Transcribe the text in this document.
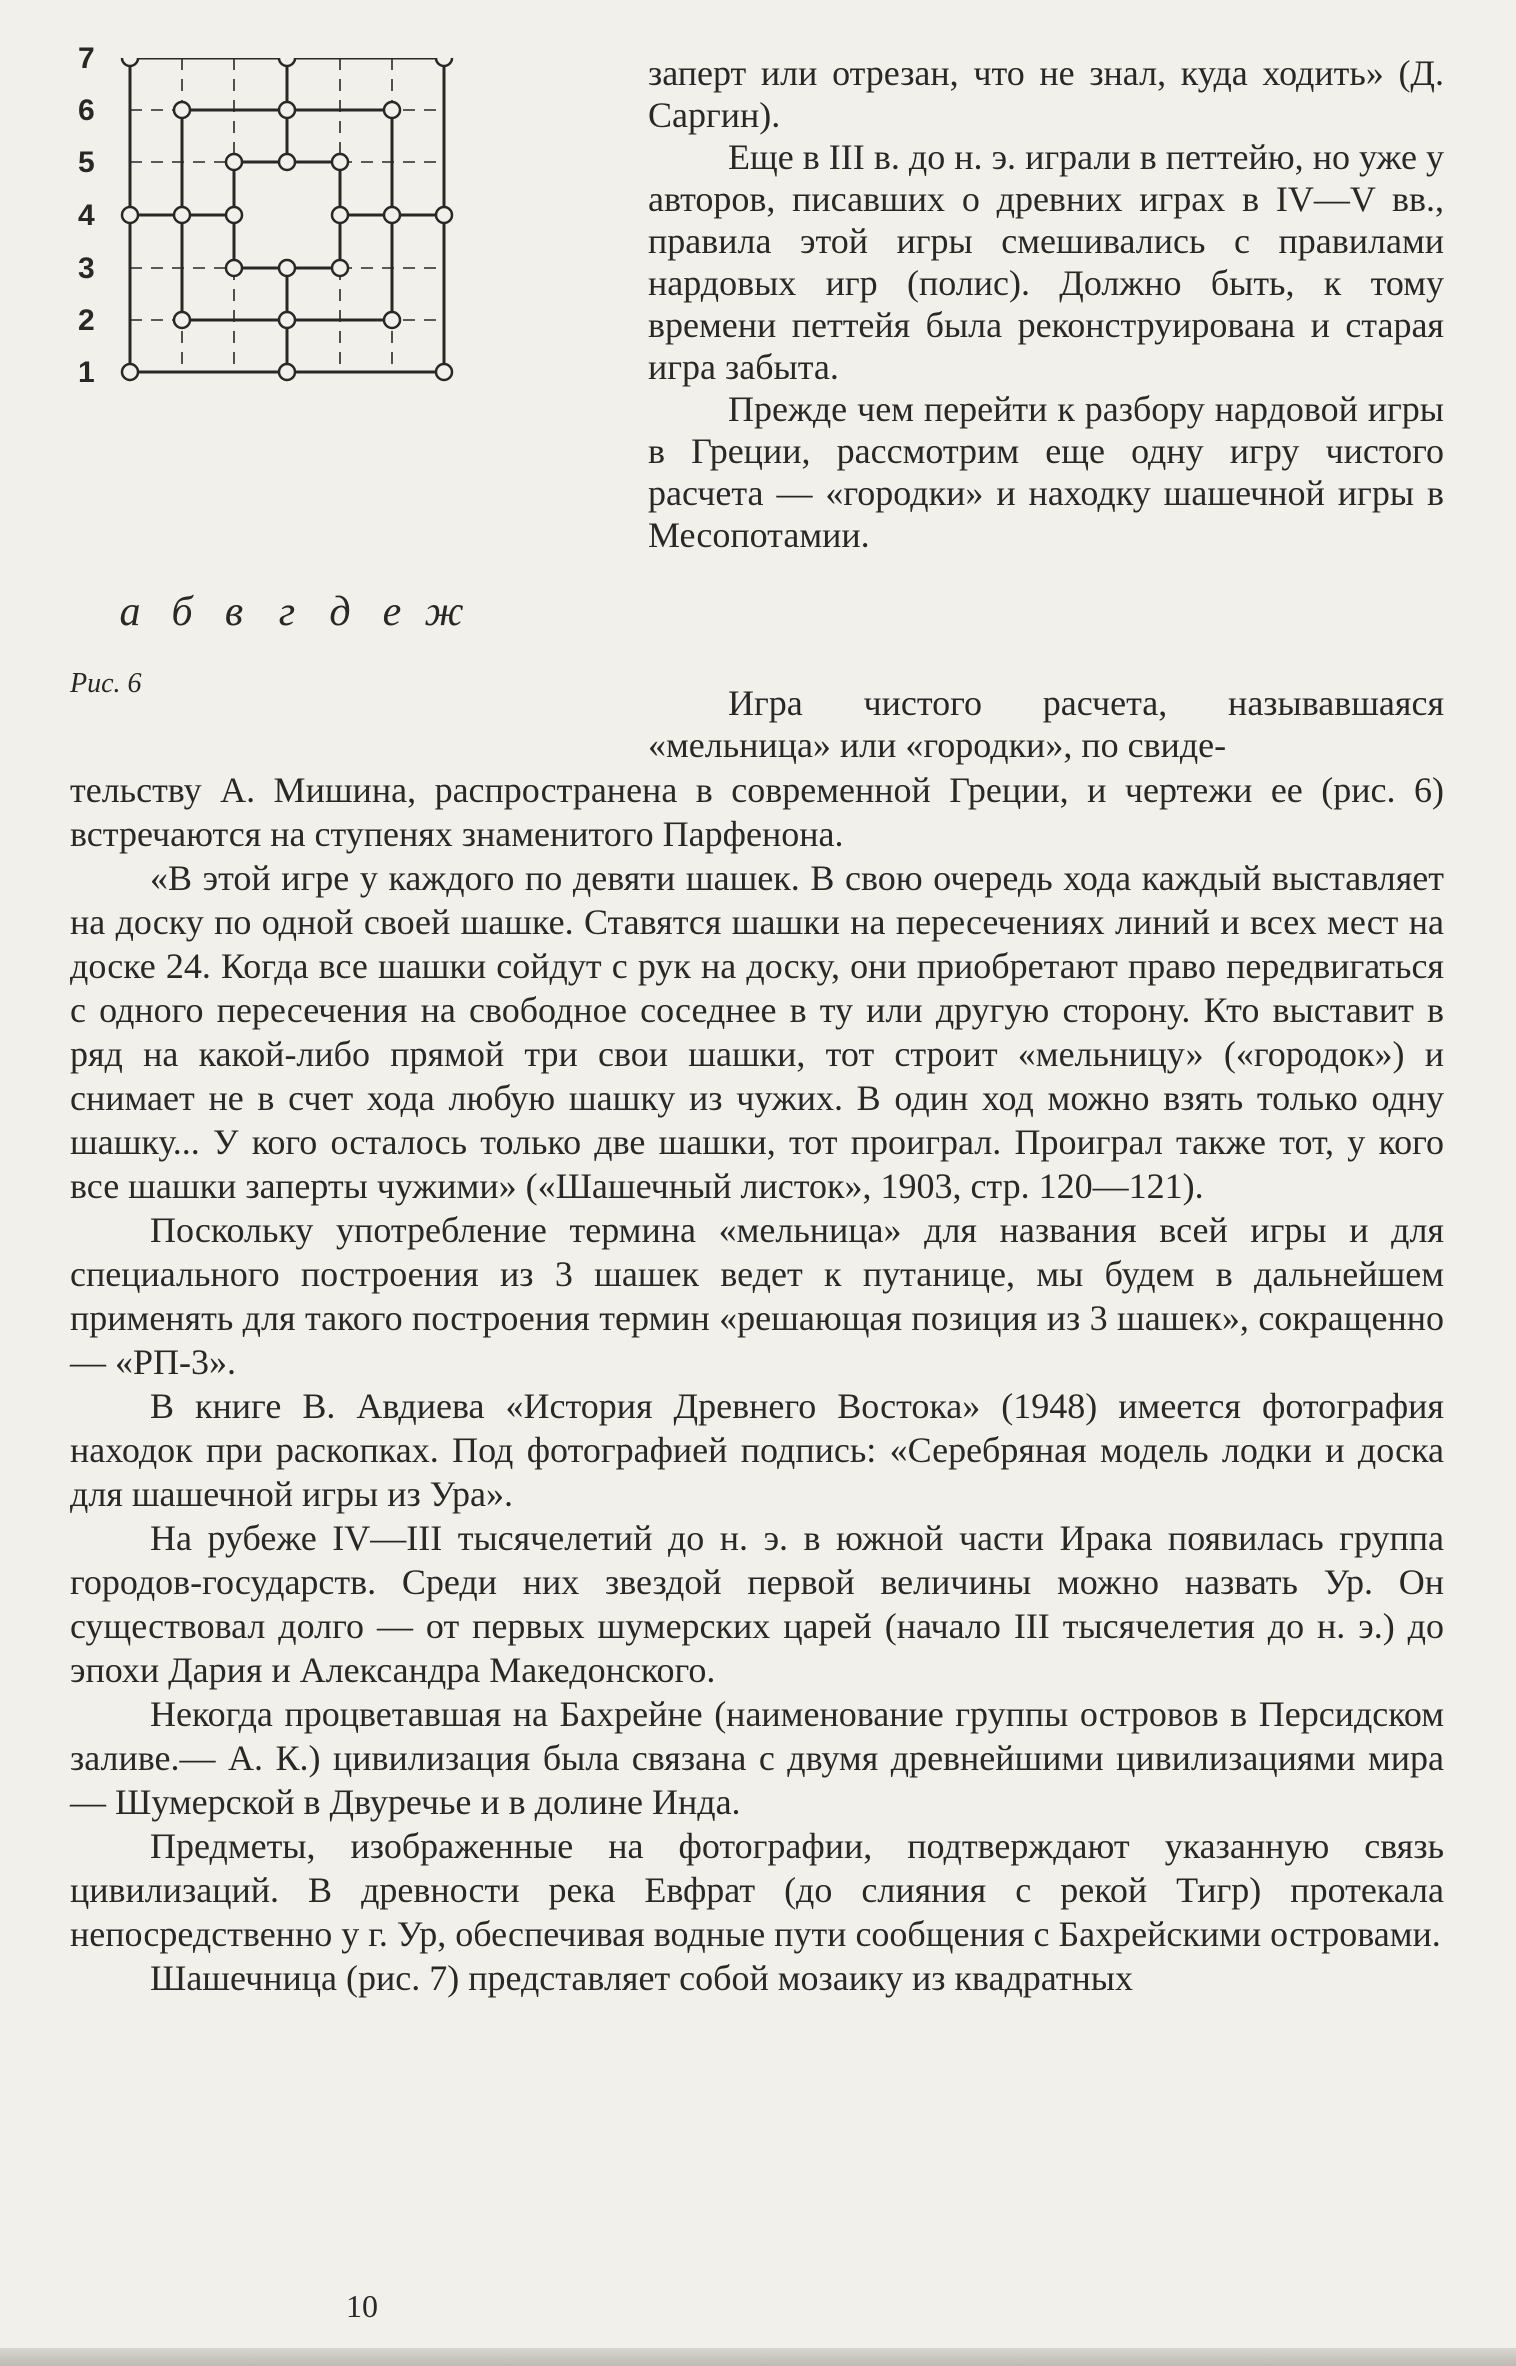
7
6
5
4
3
2
1
а б в г д е ж
Рис. 6

заперт или отрезан, что не знал, куда ходить» (Д. Саргин).

Еще в III в. до н. э. играли в петтейю, но уже у авторов, писавших о древних играх в IV—V вв., правила этой игры смешивались с правилами нардовых игр (полис). Должно быть, к тому времени петтейя была реконструирована и старая игра забыта.

Прежде чем перейти к разбору нардовой игры в Греции, рассмотрим еще одну игру чистого расчета — «городки» и находку шашечной игры в Месопотамии.

Игра чистого расчета, называвшаяся «мельница» или «городки», по свиде-

тельству А. Мишина, распространена в современной Греции, и чертежи ее (рис. 6) встречаются на ступенях знаменитого Парфенона.

«В этой игре у каждого по девяти шашек. В свою очередь хода каждый выставляет на доску по одной своей шашке. Ставятся шашки на пересечениях линий и всех мест на доске 24. Когда все шашки сойдут с рук на доску, они приобретают право передвигаться с одного пересечения на свободное соседнее в ту или другую сторону. Кто выставит в ряд на какой-либо прямой три свои шашки, тот строит «мельницу» («городок») и снимает не в счет хода любую шашку из чужих. В один ход можно взять только одну шашку... У кого осталось только две шашки, тот проиграл. Проиграл также тот, у кого все шашки заперты чужими» («Шашечный листок», 1903, стр. 120—121).

Поскольку употребление термина «мельница» для названия всей игры и для специального построения из 3 шашек ведет к путанице, мы будем в дальнейшем применять для такого построения термин «решающая позиция из 3 шашек», сокращенно — «РП-3».

В книге В. Авдиева «История Древнего Востока» (1948) имеется фотография находок при раскопках. Под фотографией подпись: «Серебряная модель лодки и доска для шашечной игры из Ура».

На рубеже IV—III тысячелетий до н. э. в южной части Ирака появилась группа городов-государств. Среди них звездой первой величины можно назвать Ур. Он существовал долго — от первых шумерских царей (начало III тысячелетия до н. э.) до эпохи Дария и Александра Македонского.

Некогда процветавшая на Бахрейне (наименование группы островов в Персидском заливе.— А. К.) цивилизация была связана с двумя древнейшими цивилизациями мира — Шумерской в Двуречье и в долине Инда.

Предметы, изображенные на фотографии, подтверждают указанную связь цивилизаций. В древности река Евфрат (до слияния с рекой Тигр) протекала непосредственно у г. Ур, обеспечивая водные пути сообщения с Бахрейскими островами.

Шашечница (рис. 7) представляет собой мозаику из квадратных

10
